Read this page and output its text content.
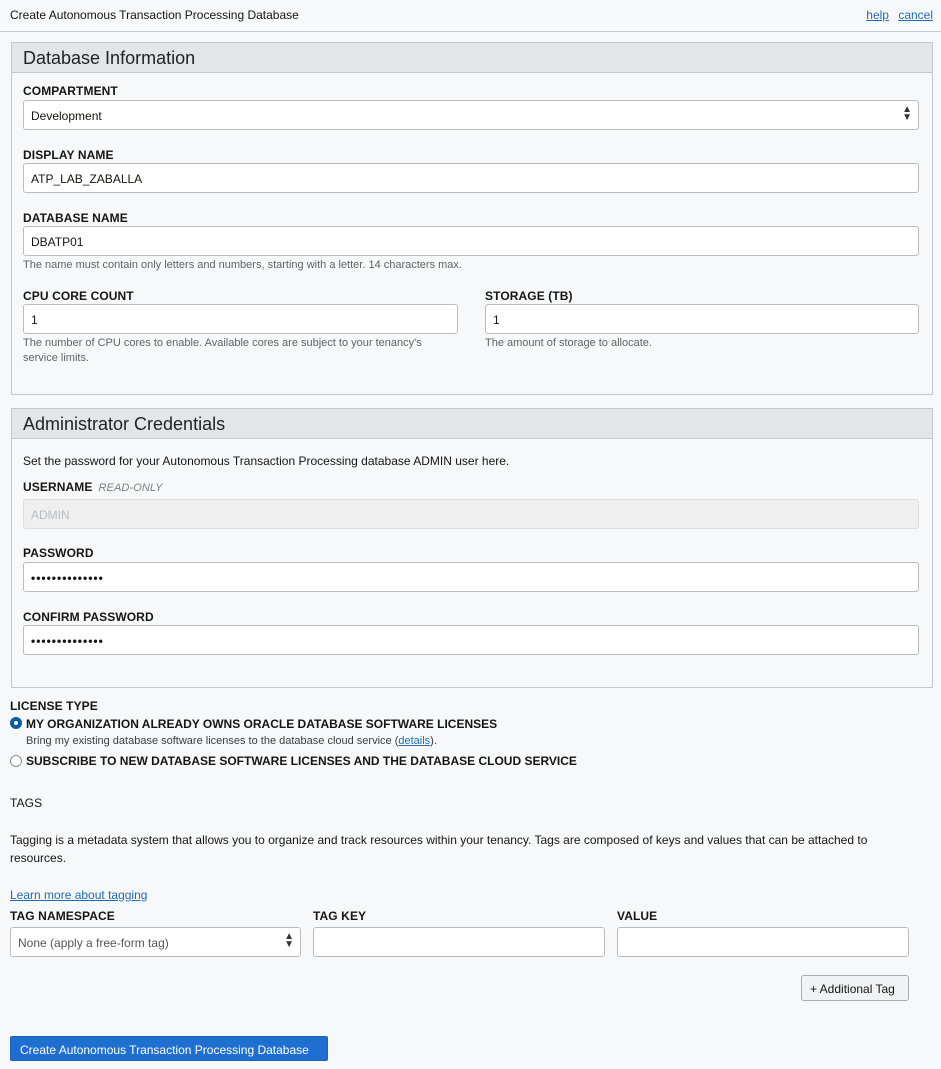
Create Autonomous Transaction Processing Database	help cancel
Database Information
COMPARTMENT
Development	▲
▼
DISPLAY NAME
ATP_LAB_ZABALLA
DATABASE NAME
DBATP01
The name must contain only letters and numbers, starting with a letter. 14 characters max.
CPU CORE COUNT
1
The number of CPU cores to enable. Available cores are subject to your tenancy's
service limits.
STORAGE (TB)
1
The amount of storage to allocate.
Administrator Credentials
Set the password for your Autonomous Transaction Processing database ADMIN user here.
USERNAME READ-ONLY
ADMIN
PASSWORD
••••••••••••••
CONFIRM PASSWORD
••••••••••••••
LICENSE TYPE
MY ORGANIZATION ALREADY OWNS ORACLE DATABASE SOFTWARE LICENSES
Bring my existing database software licenses to the database cloud service (details).
SUBSCRIBE TO NEW DATABASE SOFTWARE LICENSES AND THE DATABASE CLOUD SERVICE
TAGS
Tagging is a metadata system that allows you to organize and track resources within your tenancy. Tags are composed of keys and values that can be attached to
resources.
Learn more about tagging
TAG NAMESPACE
None (apply a free-form tag)	▲
▼
TAG KEY	VALUE
+ Additional Tag
Create Autonomous Transaction Processing Database
